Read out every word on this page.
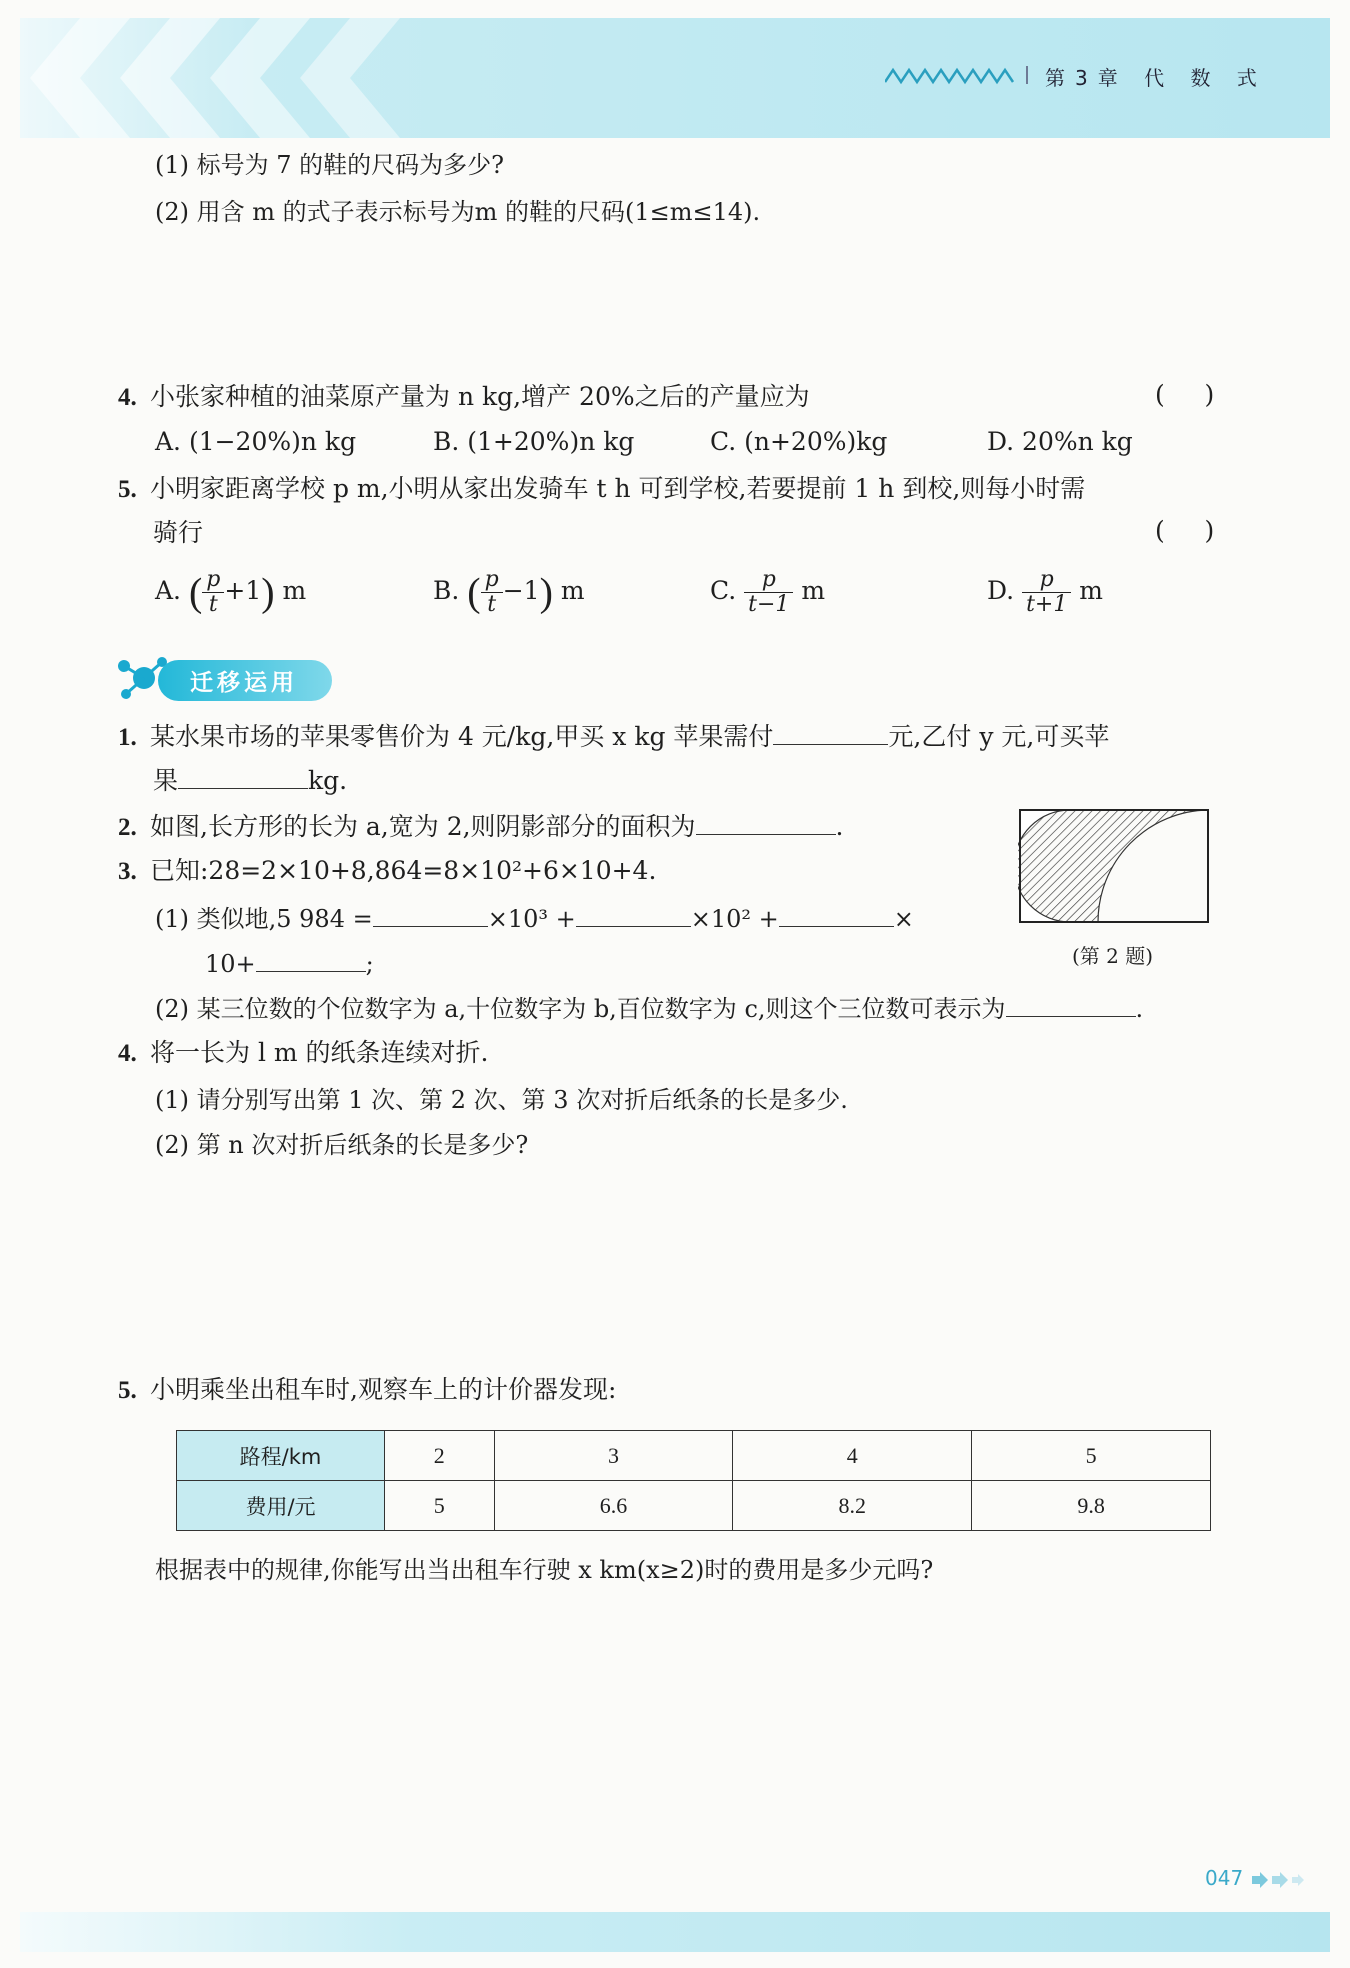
第3章 代 数 式
(1) 标号为 7 的鞋的尺码为多少?
(2) 用含 m 的式子表示标号为m 的鞋的尺码(1≤m≤14).
4. 小张家种植的油菜原产量为 n kg,增产 20%之后的产量应为	(     )
A. (1−20%)n kg	B. (1+20%)n kg	C. (n+20%)kg	D. 20%n kg
5. 小明家距离学校 p m,小明从家出发骑车 t h 可到学校,若要提前 1 h 到校,则每小时需
骑行	(     )
A. ( $\frac{p}{t} +1$) m	B. ( $\frac{p}{t} -1$) m	C. $\frac{p}{t-1}$ m	D. $\frac{p}{t+1}$ m
迁移运用
1. 某水果市场的苹果零售价为 4 元/kg,甲买 x kg 苹果需付	元,乙付 y 元,可买苹
果	kg.
2. 如图,长方形的长为 a,宽为 2,则阴影部分的面积为	.
(第 2 题)
3. 已知:28=2×10+8,864=8×10²+6×10+4.
(1) 类似地,5 984 =	×10³ +	×10² +	×
10+	;
(2) 某三位数的个位数字为 a,十位数字为 b,百位数字为 c,则这个三位数可表示为	.
4. 将一长为 l m 的纸条连续对折.
(1) 请分别写出第 1 次、第 2 次、第 3 次对折后纸条的长是多少.
(2) 第 n 次对折后纸条的长是多少?
5. 小明乘坐出租车时,观察车上的计价器发现:
路程/km	2	3	4	5
费用/元	5	6.6	8.2	9.8
根据表中的规律,你能写出当出租车行驶 x km(x≥2)时的费用是多少元吗?
047
